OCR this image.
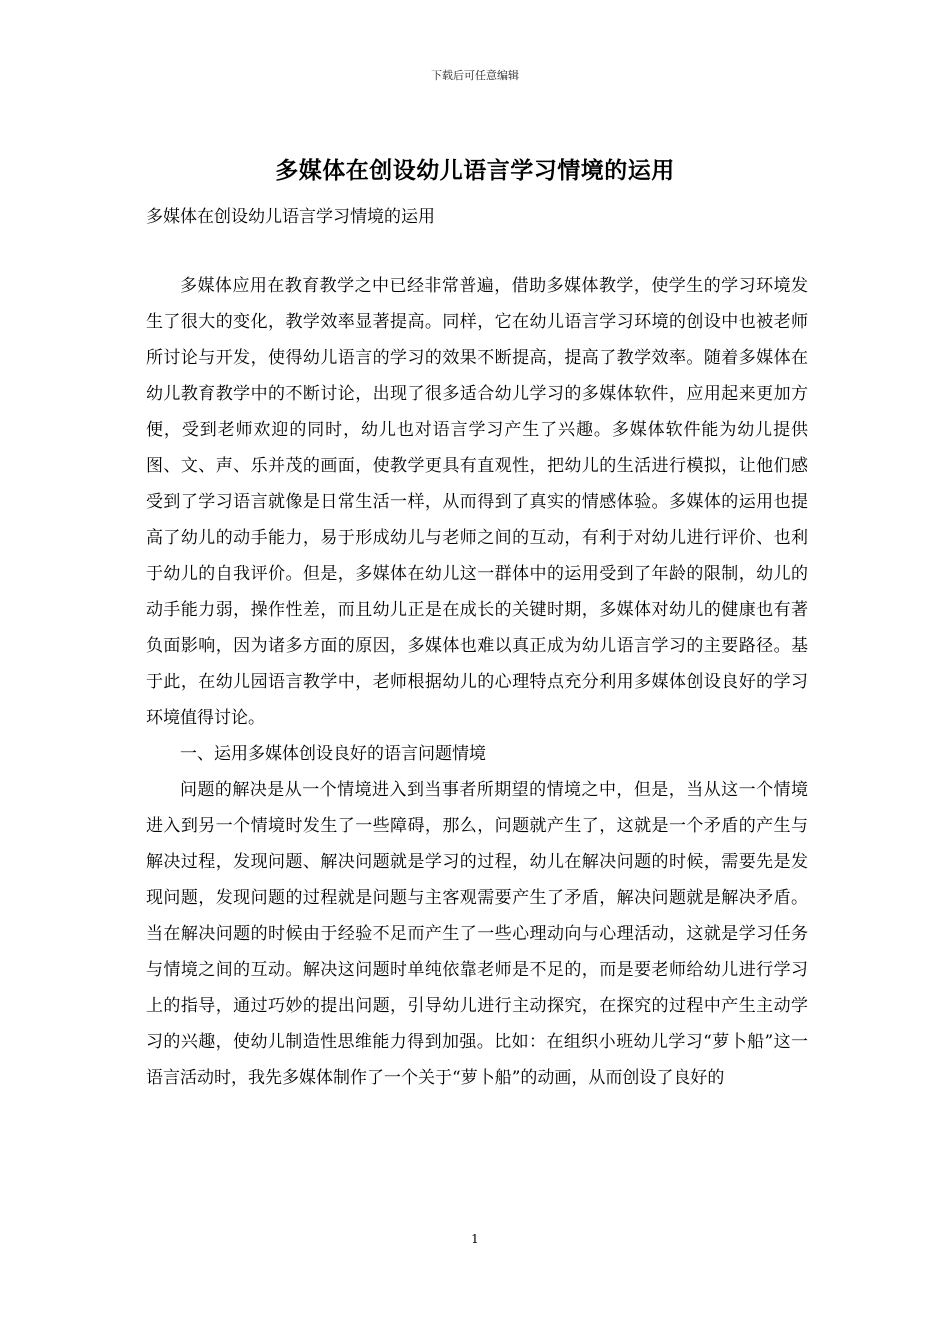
下载后可任意编辑
多媒体在创设幼儿语言学习情境的运用
多媒体在创设幼儿语言学习情境的运用

多媒体应用在教育教学之中已经非常普遍，借助多媒体教学，使学生的学习环境发生了很大的变化，教学效率显著提高。同样，它在幼儿语言学习环境的创设中也被老师所讨论与开发，使得幼儿语言的学习的效果不断提高，提高了教学效率。随着多媒体在幼儿教育教学中的不断讨论，出现了很多适合幼儿学习的多媒体软件，应用起来更加方便，受到老师欢迎的同时，幼儿也对语言学习产生了兴趣。多媒体软件能为幼儿提供图、文、声、乐并茂的画面，使教学更具有直观性，把幼儿的生活进行模拟，让他们感受到了学习语言就像是日常生活一样，从而得到了真实的情感体验。多媒体的运用也提高了幼儿的动手能力，易于形成幼儿与老师之间的互动，有利于对幼儿进行评价、也利于幼儿的自我评价。但是，多媒体在幼儿这一群体中的运用受到了年龄的限制，幼儿的动手能力弱，操作性差，而且幼儿正是在成长的关键时期，多媒体对幼儿的健康也有著负面影响，因为诸多方面的原因，多媒体也难以真正成为幼儿语言学习的主要路径。基于此，在幼儿园语言教学中，老师根据幼儿的心理特点充分利用多媒体创设良好的学习环境值得讨论。

一、运用多媒体创设良好的语言问题情境

问题的解决是从一个情境进入到当事者所期望的情境之中，但是，当从这一个情境进入到另一个情境时发生了一些障碍，那么，问题就产生了，这就是一个矛盾的产生与解决过程，发现问题、解决问题就是学习的过程，幼儿在解决问题的时候，需要先是发现问题，发现问题的过程就是问题与主客观需要产生了矛盾，解决问题就是解决矛盾。当在解决问题的时候由于经验不足而产生了一些心理动向与心理活动，这就是学习任务与情境之间的互动。解决这问题时单纯依靠老师是不足的，而是要老师给幼儿进行学习上的指导，通过巧妙的提出问题，引导幼儿进行主动探究，在探究的过程中产生主动学习的兴趣，使幼儿制造性思维能力得到加强。比如：在组织小班幼儿学习“萝卜船”这一语言活动时，我先多媒体制作了一个关于“萝卜船”的动画，从而创设了良好的

1
